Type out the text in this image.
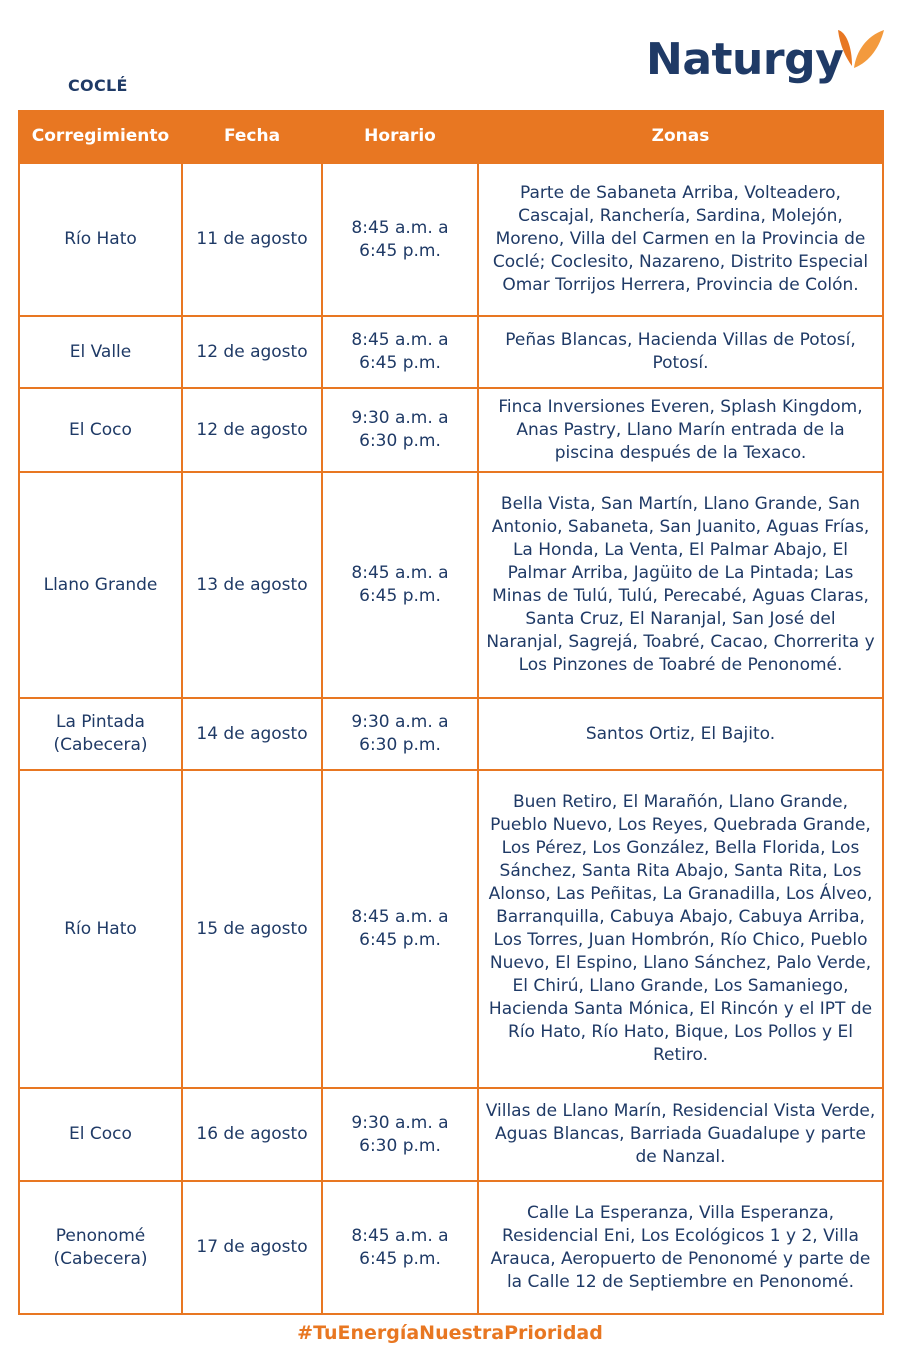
COCLÉ
Naturgy
Corregimiento	Fecha	Horario	Zonas
Río Hato	11 de agosto	8:45 a.m. a 6:45 p.m.	Parte de Sabaneta Arriba, Volteadero, Cascajal, Ranchería, Sardina, Molejón, Moreno, Villa del Carmen en la Provincia de Coclé; Coclesito, Nazareno, Distrito Especial Omar Torrijos Herrera, Provincia de Colón.
El Valle	12 de agosto	8:45 a.m. a 6:45 p.m.	Peñas Blancas, Hacienda Villas de Potosí, Potosí.
El Coco	12 de agosto	9:30 a.m. a 6:30 p.m.	Finca Inversiones Everen, Splash Kingdom, Anas Pastry, Llano Marín entrada de la piscina después de la Texaco.
Llano Grande	13 de agosto	8:45 a.m. a 6:45 p.m.	Bella Vista, San Martín, Llano Grande, San Antonio, Sabaneta, San Juanito, Aguas Frías, La Honda, La Venta, El Palmar Abajo, El Palmar Arriba, Jagüito de La Pintada; Las Minas de Tulú, Tulú, Perecabé, Aguas Claras, Santa Cruz, El Naranjal, San José del Naranjal, Sagrejá, Toabré, Cacao, Chorrerita y Los Pinzones de Toabré de Penonomé.
La Pintada (Cabecera)	14 de agosto	9:30 a.m. a 6:30 p.m.	Santos Ortiz, El Bajito.
Río Hato	15 de agosto	8:45 a.m. a 6:45 p.m.	Buen Retiro, El Marañón, Llano Grande, Pueblo Nuevo, Los Reyes, Quebrada Grande, Los Pérez, Los González, Bella Florida, Los Sánchez, Santa Rita Abajo, Santa Rita, Los Alonso, Las Peñitas, La Granadilla, Los Álveo, Barranquilla, Cabuya Abajo, Cabuya Arriba, Los Torres, Juan Hombrón, Río Chico, Pueblo Nuevo, El Espino, Llano Sánchez, Palo Verde, El Chirú, Llano Grande, Los Samaniego, Hacienda Santa Mónica, El Rincón y el IPT de Río Hato, Río Hato, Bique, Los Pollos y El Retiro.
El Coco	16 de agosto	9:30 a.m. a 6:30 p.m.	Villas de Llano Marín, Residencial Vista Verde, Aguas Blancas, Barriada Guadalupe y parte de Nanzal.
Penonomé (Cabecera)	17 de agosto	8:45 a.m. a 6:45 p.m.	Calle La Esperanza, Villa Esperanza, Residencial Eni, Los Ecológicos 1 y 2, Villa Arauca, Aeropuerto de Penonomé y parte de la Calle 12 de Septiembre en Penonomé.
#TuEnergíaNuestraPrioridad
